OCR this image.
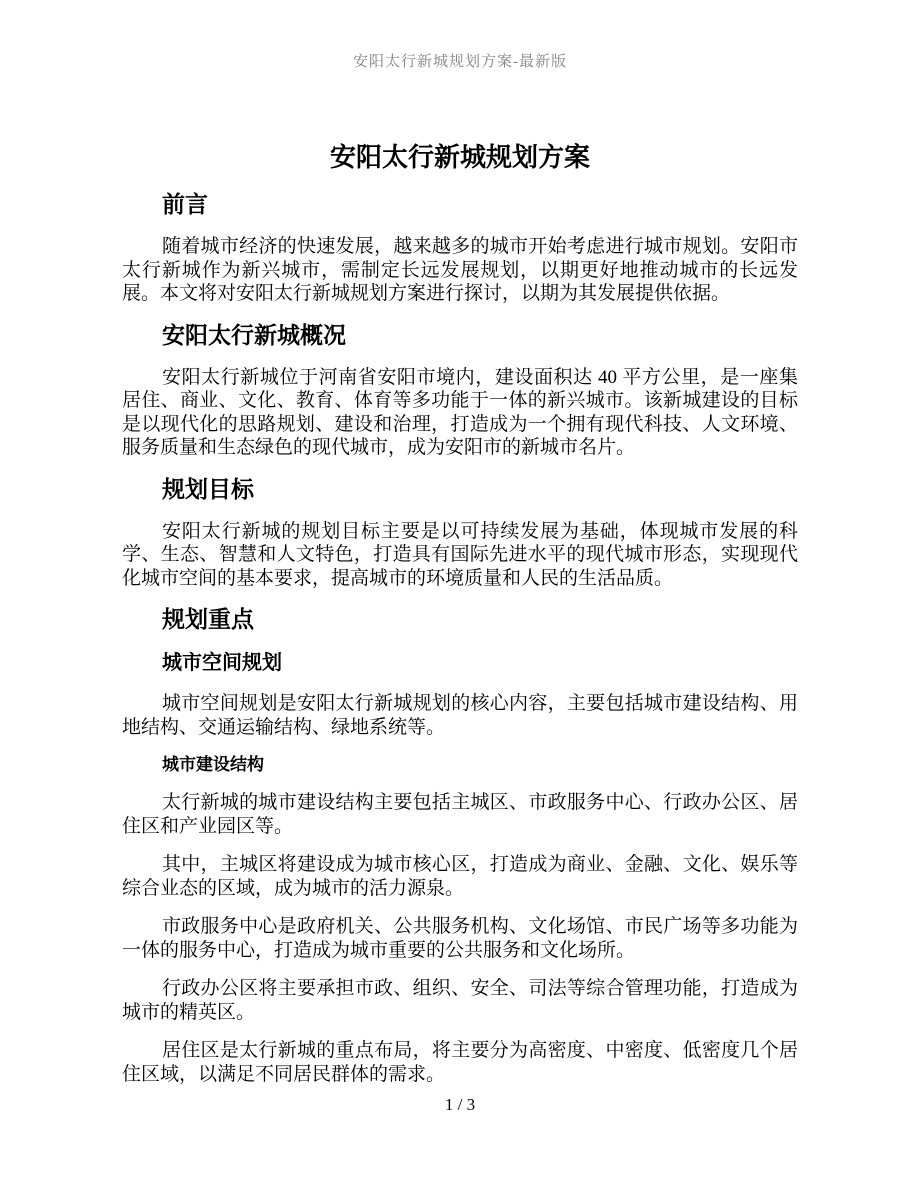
安阳太行新城规划方案-最新版
安阳太行新城规划方案
前言

随着城市经济的快速发展，越来越多的城市开始考虑进行城市规划。安阳市太行新城作为新兴城市，需制定长远发展规划，以期更好地推动城市的长远发展。本文将对安阳太行新城规划方案进行探讨，以期为其发展提供依据。

安阳太行新城概况

安阳太行新城位于河南省安阳市境内，建设面积达 40 平方公里，是一座集居住、商业、文化、教育、体育等多功能于一体的新兴城市。该新城建设的目标是以现代化的思路规划、建设和治理，打造成为一个拥有现代科技、人文环境、服务质量和生态绿色的现代城市，成为安阳市的新城市名片。

规划目标

安阳太行新城的规划目标主要是以可持续发展为基础，体现城市发展的科学、生态、智慧和人文特色，打造具有国际先进水平的现代城市形态，实现现代化城市空间的基本要求，提高城市的环境质量和人民的生活品质。

规划重点
城市空间规划

城市空间规划是安阳太行新城规划的核心内容，主要包括城市建设结构、用地结构、交通运输结构、绿地系统等。

城市建设结构

太行新城的城市建设结构主要包括主城区、市政服务中心、行政办公区、居住区和产业园区等。

其中，主城区将建设成为城市核心区，打造成为商业、金融、文化、娱乐等综合业态的区域，成为城市的活力源泉。

市政服务中心是政府机关、公共服务机构、文化场馆、市民广场等多功能为一体的服务中心，打造成为城市重要的公共服务和文化场所。

行政办公区将主要承担市政、组织、安全、司法等综合管理功能，打造成为城市的精英区。

居住区是太行新城的重点布局，将主要分为高密度、中密度、低密度几个居住区域，以满足不同居民群体的需求。

1 / 3
